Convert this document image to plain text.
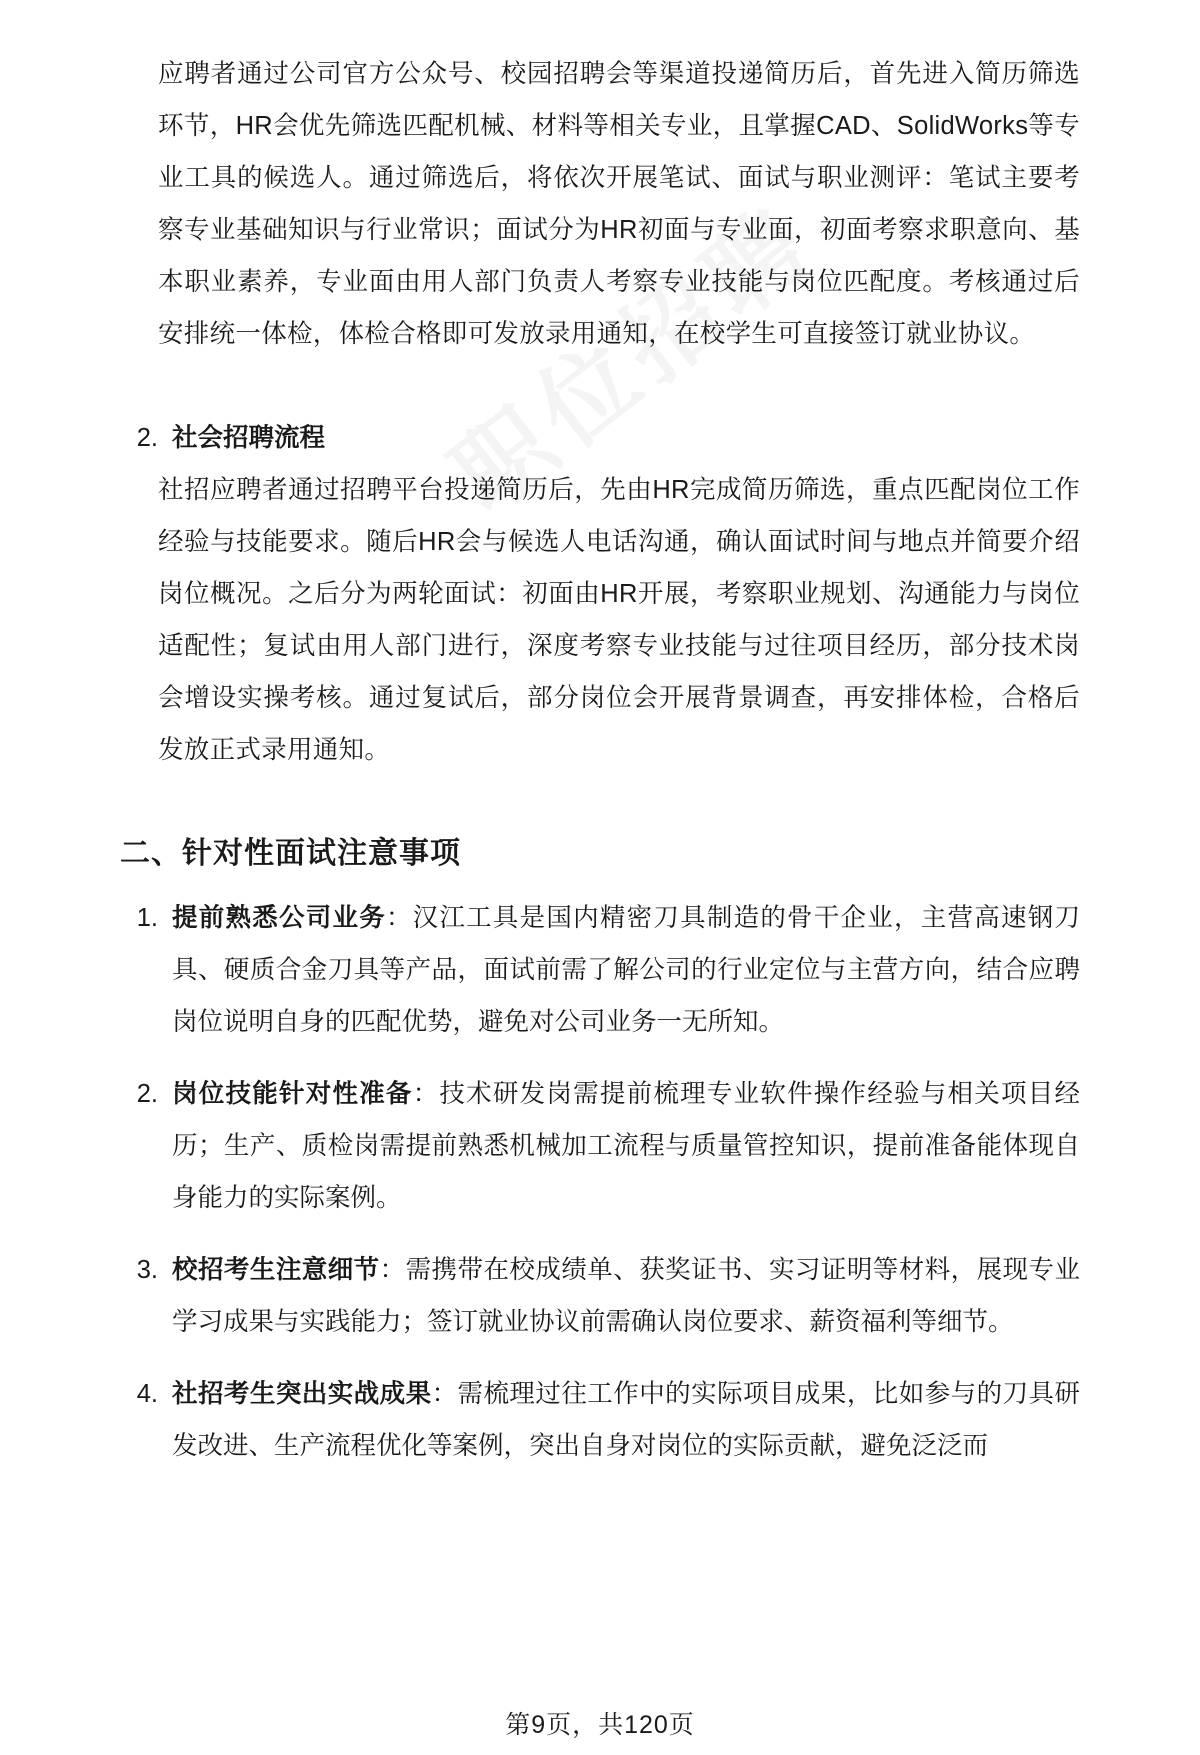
应聘者通过公司官方公众号、校园招聘会等渠道投递简历后，首先进入简历筛选环节，HR会优先筛选匹配机械、材料等相关专业，且掌握CAD、SolidWorks等专业工具的候选人。通过筛选后，将依次开展笔试、面试与职业测评：笔试主要考察专业基础知识与行业常识；面试分为HR初面与专业面，初面考察求职意向、基本职业素养，专业面由用人部门负责人考察专业技能与岗位匹配度。考核通过后安排统一体检，体检合格即可发放录用通知，在校学生可直接签订就业协议。

2. 社会招聘流程

社招应聘者通过招聘平台投递简历后，先由HR完成简历筛选，重点匹配岗位工作经验与技能要求。随后HR会与候选人电话沟通，确认面试时间与地点并简要介绍岗位概况。之后分为两轮面试：初面由HR开展，考察职业规划、沟通能力与岗位适配性；复试由用人部门进行，深度考察专业技能与过往项目经历，部分技术岗会增设实操考核。通过复试后，部分岗位会开展背景调查，再安排体检，合格后发放正式录用通知。

二、针对性面试注意事项
1. 提前熟悉公司业务：汉江工具是国内精密刀具制造的骨干企业，主营高速钢刀具、硬质合金刀具等产品，面试前需了解公司的行业定位与主营方向，结合应聘岗位说明自身的匹配优势，避免对公司业务一无所知。
2. 岗位技能针对性准备：技术研发岗需提前梳理专业软件操作经验与相关项目经历；生产、质检岗需提前熟悉机械加工流程与质量管控知识，提前准备能体现自身能力的实际案例。
3. 校招考生注意细节：需携带在校成绩单、获奖证书、实习证明等材料，展现专业学习成果与实践能力；签订就业协议前需确认岗位要求、薪资福利等细节。
4. 社招考生突出实战成果：需梳理过往工作中的实际项目成果，比如参与的刀具研发改进、生产流程优化等案例，突出自身对岗位的实际贡献，避免泛泛而
第9页，共120页
